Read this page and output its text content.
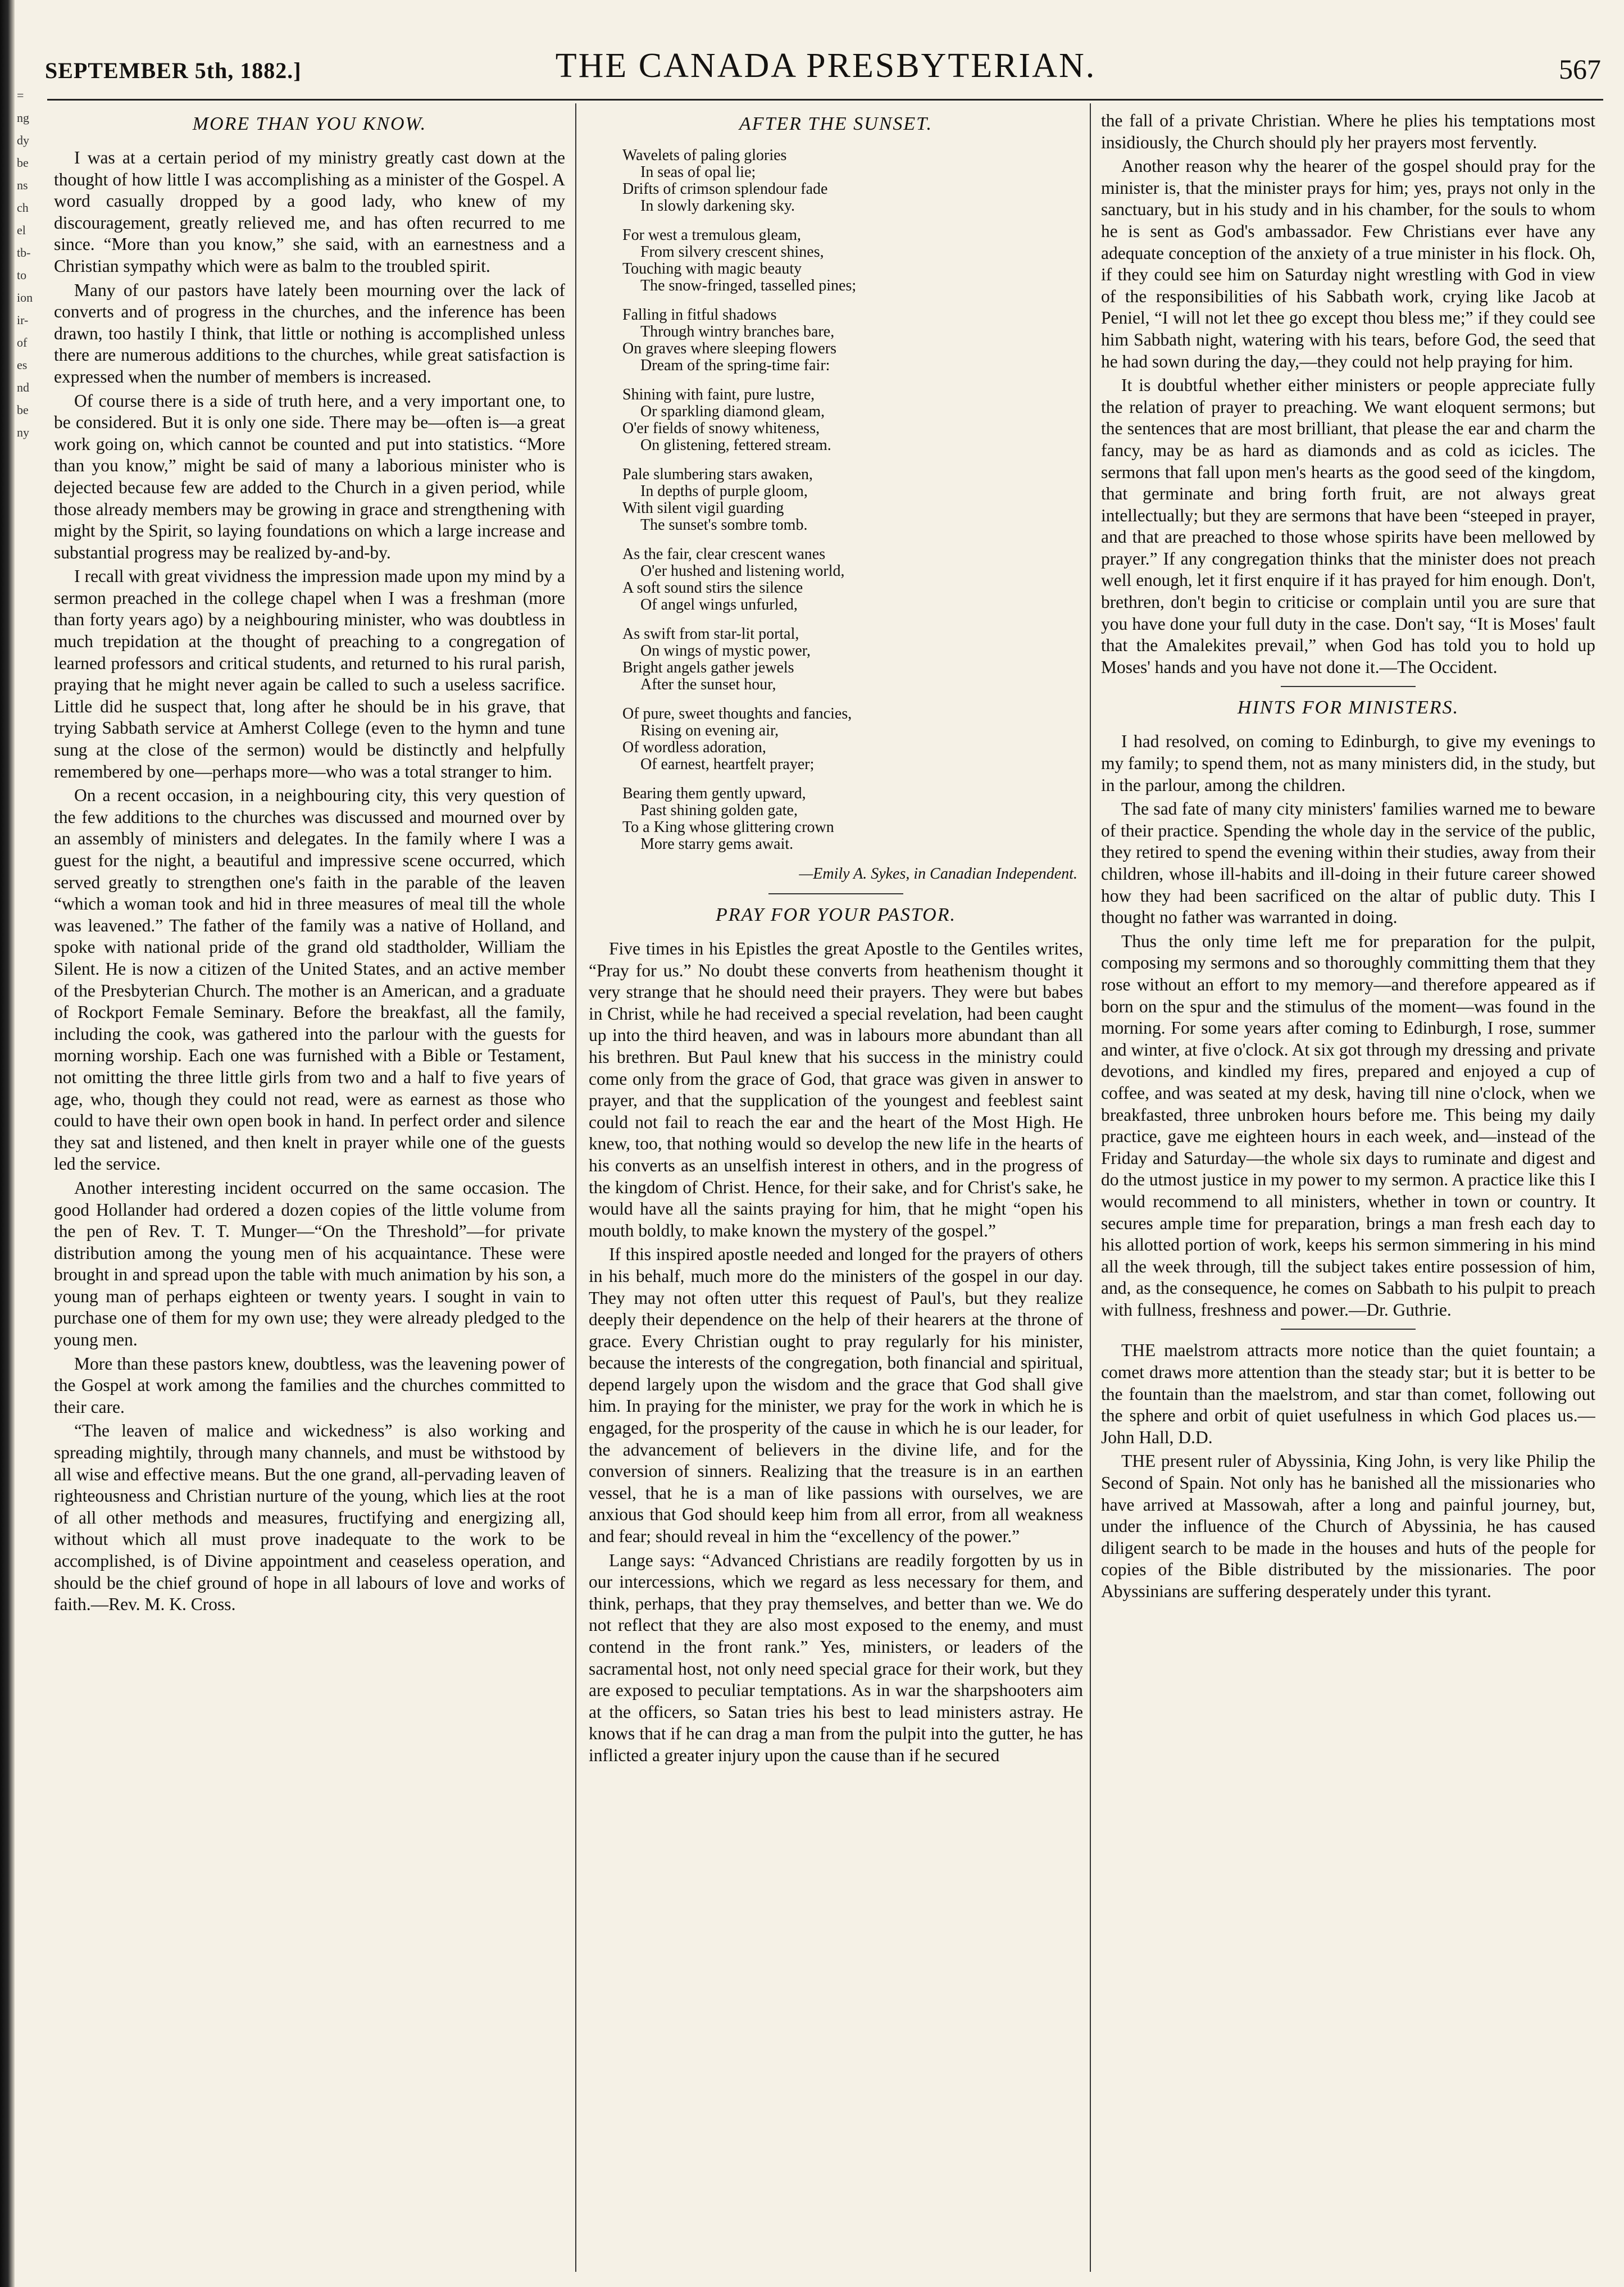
=
ng
dy
be
ns
ch
el
tb-
to
ion
ir-
of
es
nd
be
ny
SEPTEMBER 5th, 1882.]	THE CANADA PRESBYTERIAN.	567
MORE THAN YOU KNOW.

I was at a certain period of my ministry greatly cast down at the thought of how little I was accomplishing as a minister of the Gospel. A word casually dropped by a good lady, who knew of my discouragement, greatly relieved me, and has often recurred to me since. “More than you know,” she said, with an earnestness and a Christian sympathy which were as balm to the troubled spirit.

Many of our pastors have lately been mourning over the lack of converts and of progress in the churches, and the inference has been drawn, too hastily I think, that little or nothing is accomplished unless there are numerous additions to the churches, while great satisfaction is expressed when the number of members is increased.

Of course there is a side of truth here, and a very important one, to be considered. But it is only one side. There may be—often is—a great work going on, which cannot be counted and put into statistics. “More than you know,” might be said of many a laborious minister who is dejected because few are added to the Church in a given period, while those already members may be growing in grace and strengthening with might by the Spirit, so laying foundations on which a large increase and substantial progress may be realized by-and-by.

I recall with great vividness the impression made upon my mind by a sermon preached in the college chapel when I was a freshman (more than forty years ago) by a neighbouring minister, who was doubtless in much trepidation at the thought of preaching to a congregation of learned professors and critical students, and returned to his rural parish, praying that he might never again be called to such a useless sacrifice. Little did he suspect that, long after he should be in his grave, that trying Sabbath service at Amherst College (even to the hymn and tune sung at the close of the sermon) would be distinctly and helpfully remembered by one—perhaps more—who was a total stranger to him.

On a recent occasion, in a neighbouring city, this very question of the few additions to the churches was discussed and mourned over by an assembly of ministers and delegates. In the family where I was a guest for the night, a beautiful and impressive scene occurred, which served greatly to strengthen one's faith in the parable of the leaven “which a woman took and hid in three measures of meal till the whole was leavened.” The father of the family was a native of Holland, and spoke with national pride of the grand old stadtholder, William the Silent. He is now a citizen of the United States, and an active member of the Presbyterian Church. The mother is an American, and a graduate of Rockport Female Seminary. Before the breakfast, all the family, including the cook, was gathered into the parlour with the guests for morning worship. Each one was furnished with a Bible or Testament, not omitting the three little girls from two and a half to five years of age, who, though they could not read, were as earnest as those who could to have their own open book in hand. In perfect order and silence they sat and listened, and then knelt in prayer while one of the guests led the service.

Another interesting incident occurred on the same occasion. The good Hollander had ordered a dozen copies of the little volume from the pen of Rev. T. T. Munger—“On the Threshold”—for private distribution among the young men of his acquaintance. These were brought in and spread upon the table with much animation by his son, a young man of perhaps eighteen or twenty years. I sought in vain to purchase one of them for my own use; they were already pledged to the young men.

More than these pastors knew, doubtless, was the leavening power of the Gospel at work among the families and the churches committed to their care.

“The leaven of malice and wickedness” is also working and spreading mightily, through many channels, and must be withstood by all wise and effective means. But the one grand, all-pervading leaven of righteousness and Christian nurture of the young, which lies at the root of all other methods and measures, fructifying and energizing all, without which all must prove inadequate to the work to be accomplished, is of Divine appointment and ceaseless operation, and should be the chief ground of hope in all labours of love and works of faith.—Rev. M. K. Cross.

AFTER THE SUNSET.
Wavelets of paling glories
In seas of opal lie;
Drifts of crimson splendour fade
In slowly darkening sky.
For west a tremulous gleam,
From silvery crescent shines,
Touching with magic beauty
The snow-fringed, tasselled pines;
Falling in fitful shadows
Through wintry branches bare,
On graves where sleeping flowers
Dream of the spring-time fair:
Shining with faint, pure lustre,
Or sparkling diamond gleam,
O'er fields of snowy whiteness,
On glistening, fettered stream.
Pale slumbering stars awaken,
In depths of purple gloom,
With silent vigil guarding
The sunset's sombre tomb.
As the fair, clear crescent wanes
O'er hushed and listening world,
A soft sound stirs the silence
Of angel wings unfurled,
As swift from star-lit portal,
On wings of mystic power,
Bright angels gather jewels
After the sunset hour,
Of pure, sweet thoughts and fancies,
Rising on evening air,
Of wordless adoration,
Of earnest, heartfelt prayer;
Bearing them gently upward,
Past shining golden gate,
To a King whose glittering crown
More starry gems await.
—Emily A. Sykes, in Canadian Independent.
PRAY FOR YOUR PASTOR.

Five times in his Epistles the great Apostle to the Gentiles writes, “Pray for us.” No doubt these converts from heathenism thought it very strange that he should need their prayers. They were but babes in Christ, while he had received a special revelation, had been caught up into the third heaven, and was in labours more abundant than all his brethren. But Paul knew that his success in the ministry could come only from the grace of God, that grace was given in answer to prayer, and that the supplication of the youngest and feeblest saint could not fail to reach the ear and the heart of the Most High. He knew, too, that nothing would so develop the new life in the hearts of his converts as an unselfish interest in others, and in the progress of the kingdom of Christ. Hence, for their sake, and for Christ's sake, he would have all the saints praying for him, that he might “open his mouth boldly, to make known the mystery of the gospel.”

If this inspired apostle needed and longed for the prayers of others in his behalf, much more do the ministers of the gospel in our day. They may not often utter this request of Paul's, but they realize deeply their dependence on the help of their hearers at the throne of grace. Every Christian ought to pray regularly for his minister, because the interests of the congregation, both financial and spiritual, depend largely upon the wisdom and the grace that God shall give him. In praying for the minister, we pray for the work in which he is engaged, for the prosperity of the cause in which he is our leader, for the advancement of believers in the divine life, and for the conversion of sinners. Realizing that the treasure is in an earthen vessel, that he is a man of like passions with ourselves, we are anxious that God should keep him from all error, from all weakness and fear; should reveal in him the “excellency of the power.”

Lange says: “Advanced Christians are readily forgotten by us in our intercessions, which we regard as less necessary for them, and think, perhaps, that they pray themselves, and better than we. We do not reflect that they are also most exposed to the enemy, and must contend in the front rank.” Yes, ministers, or leaders of the sacramental host, not only need special grace for their work, but they are exposed to peculiar temptations. As in war the sharpshooters aim at the officers, so Satan tries his best to lead ministers astray. He knows that if he can drag a man from the pulpit into the gutter, he has inflicted a greater injury upon the cause than if he secured

the fall of a private Christian. Where he plies his temptations most insidiously, the Church should ply her prayers most fervently.

Another reason why the hearer of the gospel should pray for the minister is, that the minister prays for him; yes, prays not only in the sanctuary, but in his study and in his chamber, for the souls to whom he is sent as God's ambassador. Few Christians ever have any adequate conception of the anxiety of a true minister in his flock. Oh, if they could see him on Saturday night wrestling with God in view of the responsibilities of his Sabbath work, crying like Jacob at Peniel, “I will not let thee go except thou bless me;” if they could see him Sabbath night, watering with his tears, before God, the seed that he had sown during the day,—they could not help praying for him.

It is doubtful whether either ministers or people appreciate fully the relation of prayer to preaching. We want eloquent sermons; but the sentences that are most brilliant, that please the ear and charm the fancy, may be as hard as diamonds and as cold as icicles. The sermons that fall upon men's hearts as the good seed of the kingdom, that germinate and bring forth fruit, are not always great intellectually; but they are sermons that have been “steeped in prayer, and that are preached to those whose spirits have been mellowed by prayer.” If any congregation thinks that the minister does not preach well enough, let it first enquire if it has prayed for him enough. Don't, brethren, don't begin to criticise or complain until you are sure that you have done your full duty in the case. Don't say, “It is Moses' fault that the Amalekites prevail,” when God has told you to hold up Moses' hands and you have not done it.—The Occident.

HINTS FOR MINISTERS.

I had resolved, on coming to Edinburgh, to give my evenings to my family; to spend them, not as many ministers did, in the study, but in the parlour, among the children.

The sad fate of many city ministers' families warned me to beware of their practice. Spending the whole day in the service of the public, they retired to spend the evening within their studies, away from their children, whose ill-habits and ill-doing in their future career showed how they had been sacrificed on the altar of public duty. This I thought no father was warranted in doing.

Thus the only time left me for preparation for the pulpit, composing my sermons and so thoroughly committing them that they rose without an effort to my memory—and therefore appeared as if born on the spur and the stimulus of the moment—was found in the morning. For some years after coming to Edinburgh, I rose, summer and winter, at five o'clock. At six got through my dressing and private devotions, and kindled my fires, prepared and enjoyed a cup of coffee, and was seated at my desk, having till nine o'clock, when we breakfasted, three unbroken hours before me. This being my daily practice, gave me eighteen hours in each week, and—instead of the Friday and Saturday—the whole six days to ruminate and digest and do the utmost justice in my power to my sermon. A practice like this I would recommend to all ministers, whether in town or country. It secures ample time for preparation, brings a man fresh each day to his allotted portion of work, keeps his sermon simmering in his mind all the week through, till the subject takes entire possession of him, and, as the consequence, he comes on Sabbath to his pulpit to preach with fullness, freshness and power.—Dr. Guthrie.

THE maelstrom attracts more notice than the quiet fountain; a comet draws more attention than the steady star; but it is better to be the fountain than the maelstrom, and star than comet, following out the sphere and orbit of quiet usefulness in which God places us.—John Hall, D.D.

THE present ruler of Abyssinia, King John, is very like Philip the Second of Spain. Not only has he banished all the missionaries who have arrived at Massowah, after a long and painful journey, but, under the influence of the Church of Abyssinia, he has caused diligent search to be made in the houses and huts of the people for copies of the Bible distributed by the missionaries. The poor Abyssinians are suffering desperately under this tyrant.
